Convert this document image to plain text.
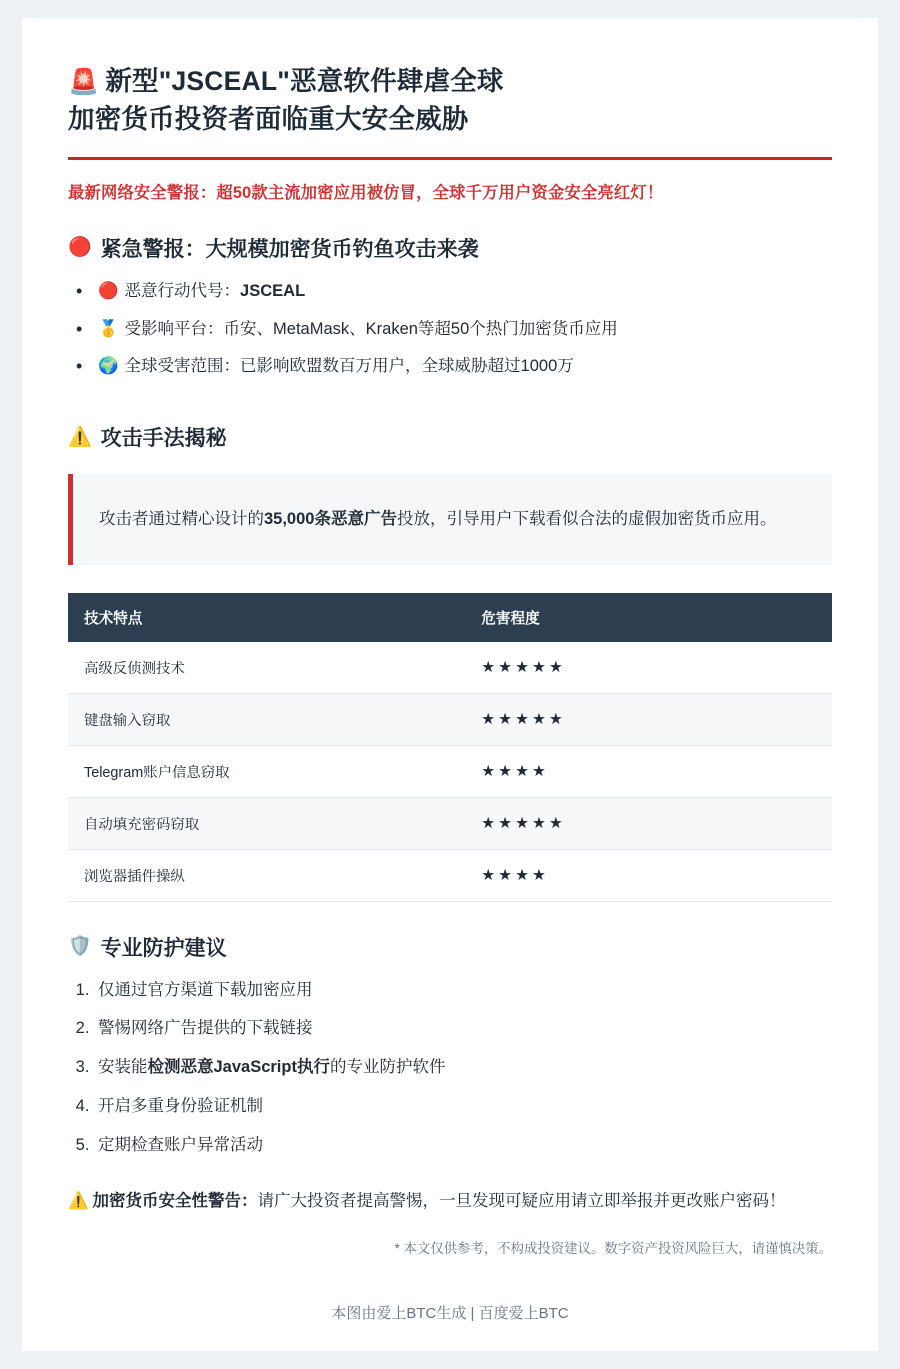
🚨 新型"JSCEAL"恶意软件肆虐全球
加密货币投资者面临重大安全威胁
最新网络安全警报：超50款主流加密应用被仿冒，全球千万用户资金安全亮红灯！
🔴 紧急警报：大规模加密货币钓鱼攻击来袭
• 🔴 恶意行动代号：JSCEAL
• 🥇 受影响平台：币安、MetaMask、Kraken等超50个热门加密货币应用
• 🌍 全球受害范围：已影响欧盟数百万用户，全球威胁超过1000万
⚠️ 攻击手法揭秘
攻击者通过精心设计的35,000条恶意广告投放，引导用户下载看似合法的虚假加密货币应用。
技术特点	危害程度
高级反侦测技术	★★★★★
键盘输入窃取	★★★★★
Telegram账户信息窃取	★★★★
自动填充密码窃取	★★★★★
浏览器插件操纵	★★★★
🛡️ 专业防护建议
1. 仅通过官方渠道下载加密应用
2. 警惕网络广告提供的下载链接
3. 安装能检测恶意JavaScript执行的专业防护软件
4. 开启多重身份验证机制
5. 定期检查账户异常活动
⚠️ 加密货币安全性警告：请广大投资者提高警惕，一旦发现可疑应用请立即举报并更改账户密码！
* 本文仅供参考，不构成投资建议。数字资产投资风险巨大，请谨慎决策。
本图由爱上BTC生成 | 百度爱上BTC
